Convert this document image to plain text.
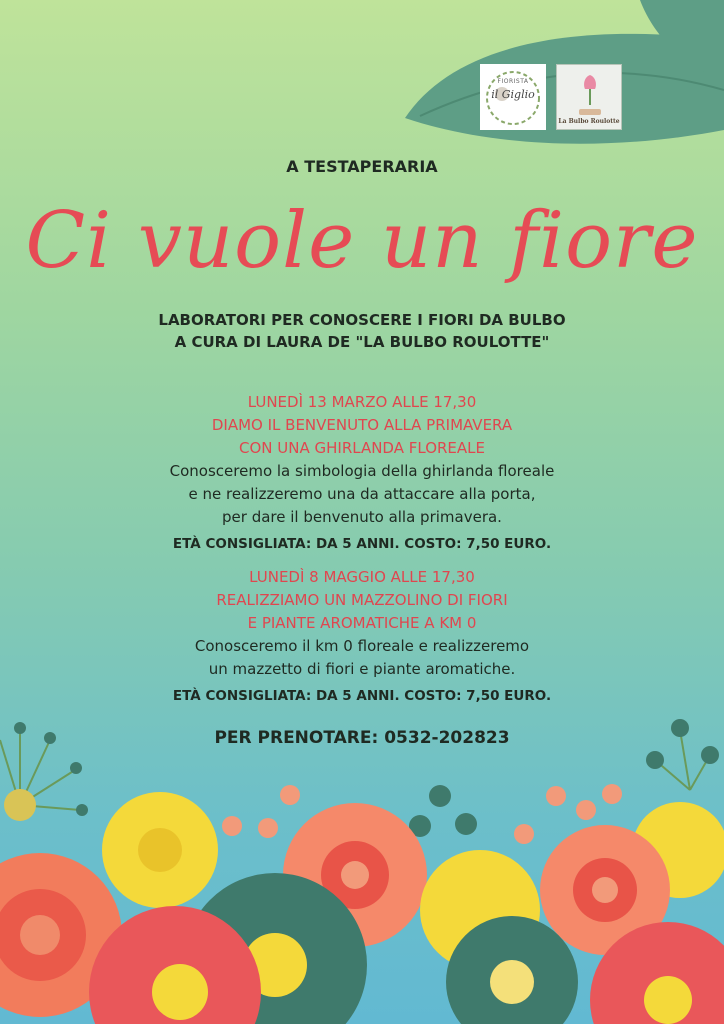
FIORISTA
il Giglio
La Bulbo Roulotte
A TESTAPERARIA
Ci vuole un fiore
LABORATORI PER CONOSCERE I FIORI DA BULBO
A CURA DI LAURA DE "LA BULBO ROULOTTE"
LUNEDÌ 13 MARZO ALLE 17,30
DIAMO IL BENVENUTO ALLA PRIMAVERA
CON UNA GHIRLANDA FLOREALE
Conosceremo la simbologia della ghirlanda floreale
e ne realizzeremo una da attaccare alla porta,
per dare il benvenuto alla primavera.
ETÀ CONSIGLIATA: DA 5 ANNI. COSTO: 7,50 EURO.
LUNEDÌ 8 MAGGIO ALLE 17,30
REALIZZIAMO UN MAZZOLINO DI FIORI
E PIANTE AROMATICHE A KM 0
Conosceremo il km 0 floreale e realizzeremo
un mazzetto di fiori e piante aromatiche.
ETÀ CONSIGLIATA: DA 5 ANNI. COSTO: 7,50 EURO.
PER PRENOTARE: 0532-202823
